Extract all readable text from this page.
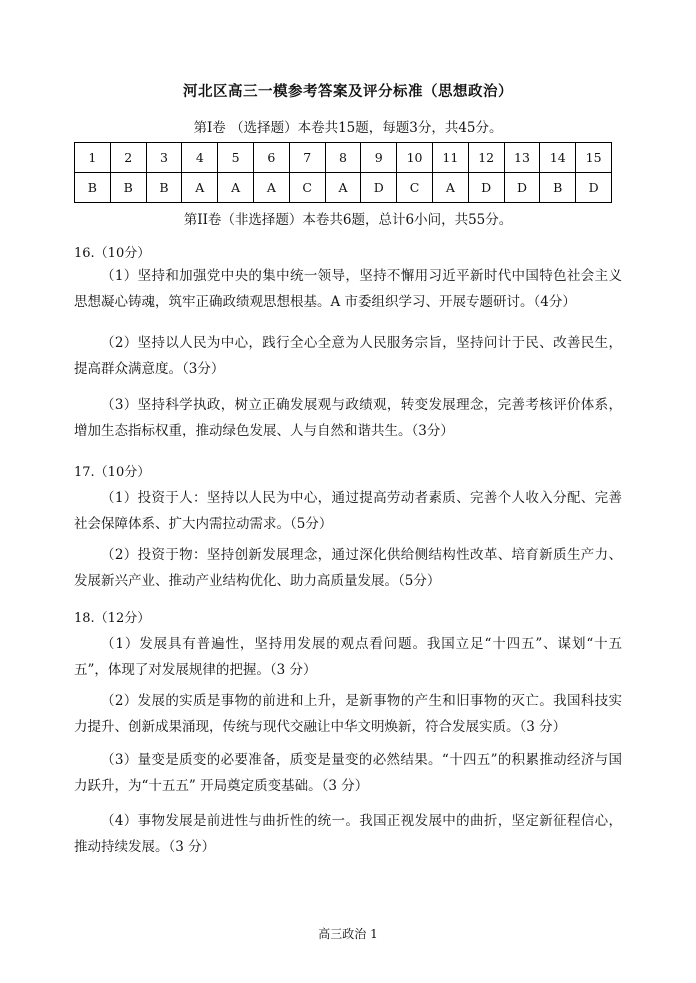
河北区高三一模参考答案及评分标准（思想政治）
第Ⅰ卷 （选择题）本卷共15题，每题3分，共45分。
1	2	3	4	5	6	7	8	9	10	11	12	13	14	15
B	B	B	A	A	A	C	A	D	C	A	D	D	B	D
第II卷（非选择题）本卷共6题，总计6小问，共55分。
16.（10分）

（1）坚持和加强党中央的集中统一领导，坚持不懈用习近平新时代中国特色社会主义思想凝心铸魂，筑牢正确政绩观思想根基。A 市委组织学习、开展专题研讨。（4分）

（2）坚持以人民为中心，践行全心全意为人民服务宗旨，坚持问计于民、改善民生，提高群众满意度。（3分）

（3）坚持科学执政，树立正确发展观与政绩观，转变发展理念，完善考核评价体系，增加生态指标权重，推动绿色发展、人与自然和谐共生。（3分）

17.（10分）

（1）投资于人：坚持以人民为中心，通过提高劳动者素质、完善个人收入分配、完善社会保障体系、扩大内需拉动需求。（5分）

（2）投资于物：坚持创新发展理念，通过深化供给侧结构性改革、培育新质生产力、发展新兴产业、推动产业结构优化、助力高质量发展。（5分）

18.（12分）

（1）发展具有普遍性，坚持用发展的观点看问题。我国立足“十四五”、谋划“十五五”，体现了对发展规律的把握。（3 分）

（2）发展的实质是事物的前进和上升，是新事物的产生和旧事物的灭亡。我国科技实力提升、创新成果涌现，传统与现代交融让中华文明焕新，符合发展实质。（3 分）

（3）量变是质变的必要准备，质变是量变的必然结果。“十四五”的积累推动经济与国力跃升，为“十五五” 开局奠定质变基础。（3 分）

（4）事物发展是前进性与曲折性的统一。我国正视发展中的曲折，坚定新征程信心，推动持续发展。（3 分）

高三政治 1
